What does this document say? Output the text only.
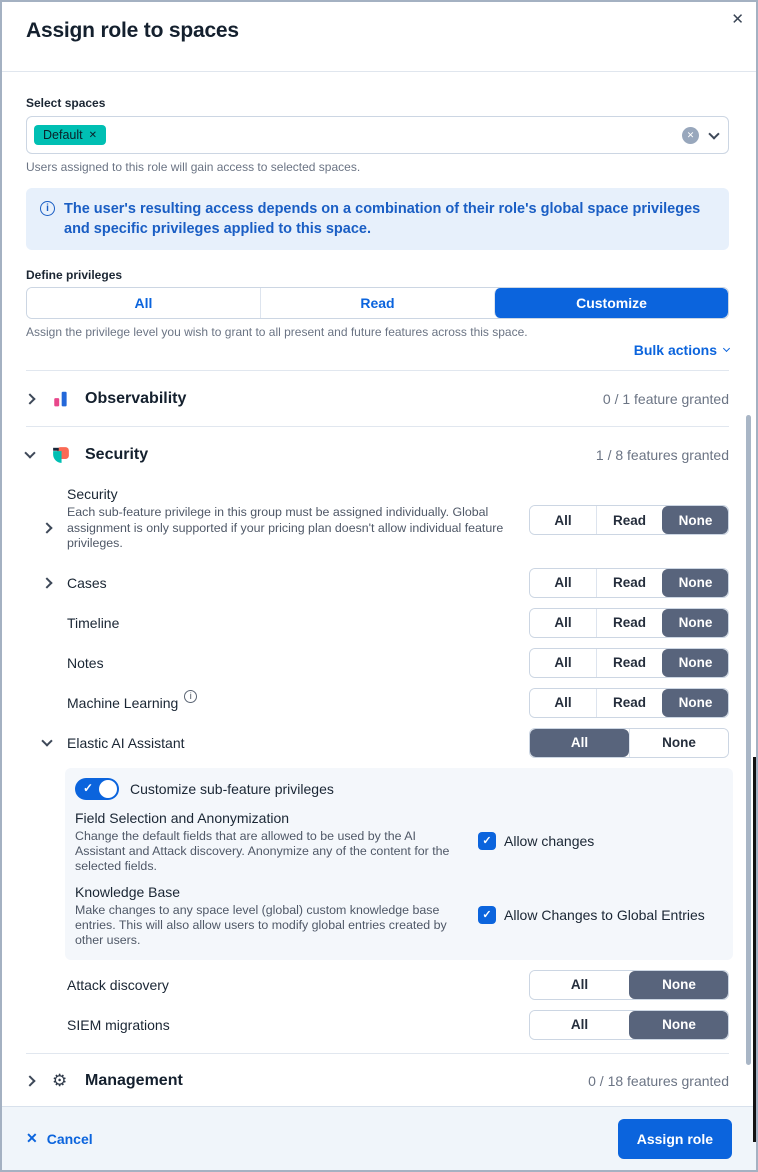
✕
Assign role to spaces
Select spaces
Default ✕	✕
Users assigned to this role will gain access to selected spaces.
i	The user's resulting access depends on a combination of their role's global space privileges and specific privileges applied to this space.

Define privileges
All	Read	Customize
Assign the privilege level you wish to grant to all present and future features across this space.
Bulk actions
Observability	0 / 1 feature granted
Security	1 / 8 features granted
Security
Each sub-feature privilege in this group must be assigned individually. Global assignment is only supported if your pricing plan doesn't allow individual feature privileges.
All	Read	None
Cases	All	Read	None
Timeline	All	Read	None
Notes	All	Read	None
Machine Learning	i	All	Read	None
Elastic AI Assistant	All	None
✓	Customize sub-feature privileges
Field Selection and Anonymization
Change the default fields that are allowed to be used by the AI Assistant and Attack discovery. Anonymize any of the content for the selected fields.
✓ Allow changes
Knowledge Base
Make changes to any space level (global) custom knowledge base entries. This will also allow users to modify global entries created by other users.
✓ Allow Changes to Global Entries
Attack discovery	All	None
SIEM migrations	All	None
⚙ Management	0 / 18 features granted
✕ Cancel	Assign role
